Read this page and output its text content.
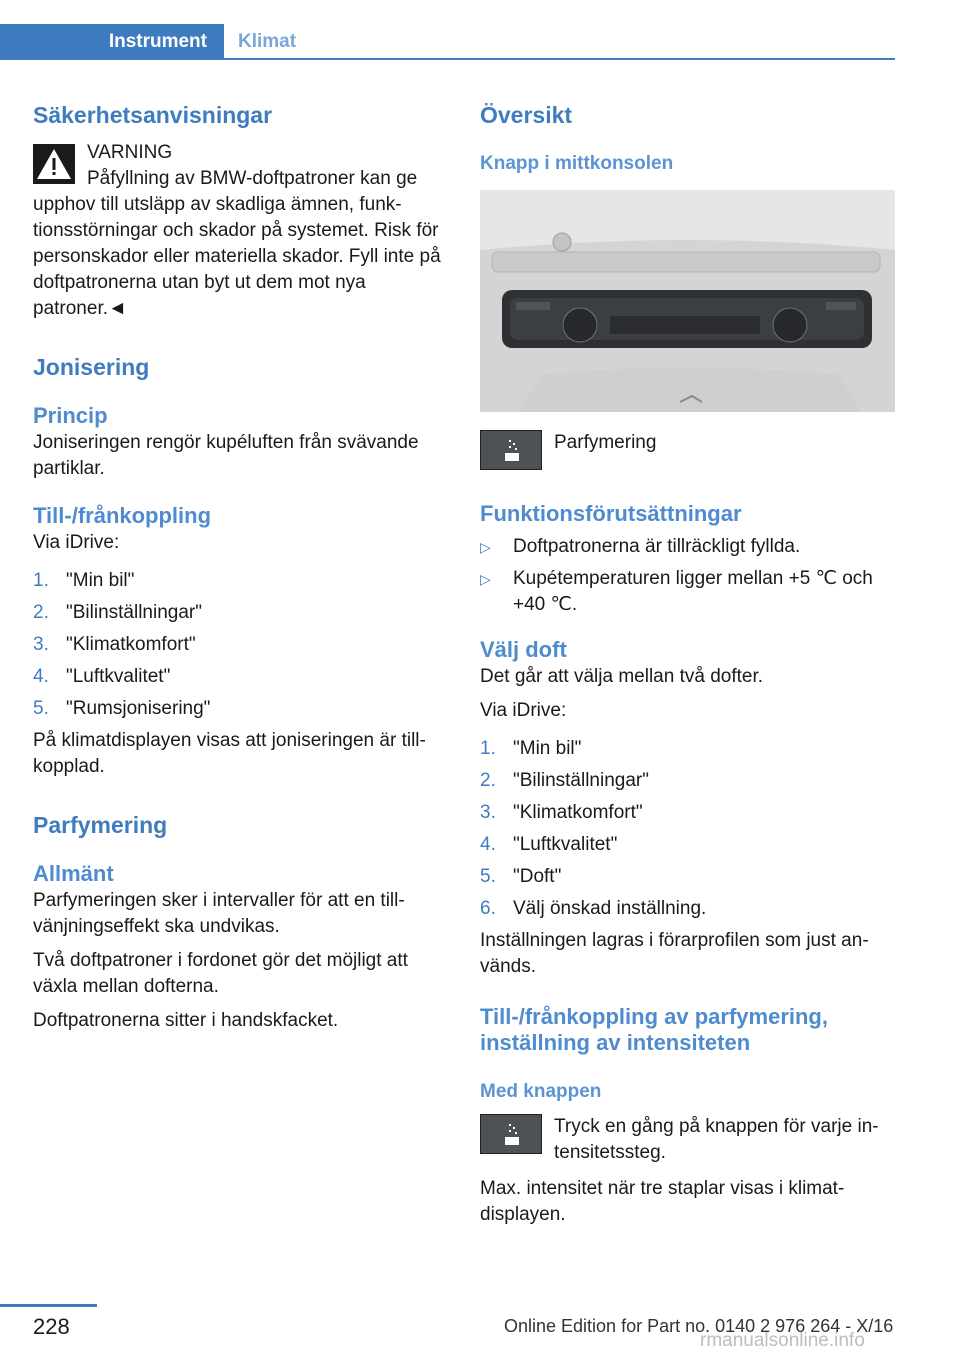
Instrument	Klimat
Säkerhetsanvisningar

VARNING

Påfyllning av BMW-doftpatroner kan ge upphov till utsläpp av skadliga ämnen, funktionsstörningar och skador på systemet. Risk för personskador eller materiella skador. Fyll inte på doftpatronerna utan byt ut dem mot nya patroner.◄

Jonisering
Princip

Joniseringen rengör kupéluften från svävande partiklar.

Till-/frånkoppling

Via iDrive:

1. "Min bil"
2. "Bilinställningar"
3. "Klimatkomfort"
4. "Luftkvalitet"
5. "Rumsjonisering"

På klimatdisplayen visas att joniseringen är tillkopplad.

Parfymering
Allmänt

Parfymeringen sker i intervaller för att en tillvänjningseffekt ska undvikas.

Två doftpatroner i fordonet gör det möjligt att växla mellan dofterna.

Doftpatronerna sitter i handskfacket.

Översikt
Knapp i mittkonsolen

Parfymering

Funktionsförutsättningar
▷ Doftpatronerna är tillräckligt fyllda.
▷ Kupétemperaturen ligger mellan +5 ℃ och +40 ℃.
Välj doft

Det går att välja mellan två dofter.

Via iDrive:

1. "Min bil"
2. "Bilinställningar"
3. "Klimatkomfort"
4. "Luftkvalitet"
5. "Doft"
6. Välj önskad inställning.

Inställningen lagras i förarprofilen som just används.

Till-/frånkoppling av parfymering, inställning av intensiteten
Med knappen

Tryck en gång på knappen för varje intensitetssteg.

Max. intensitet när tre staplar visas i klimatdisplayen.

228	Online Edition for Part no. 0140 2 976 264 - X/16
rmanualsonline.info
